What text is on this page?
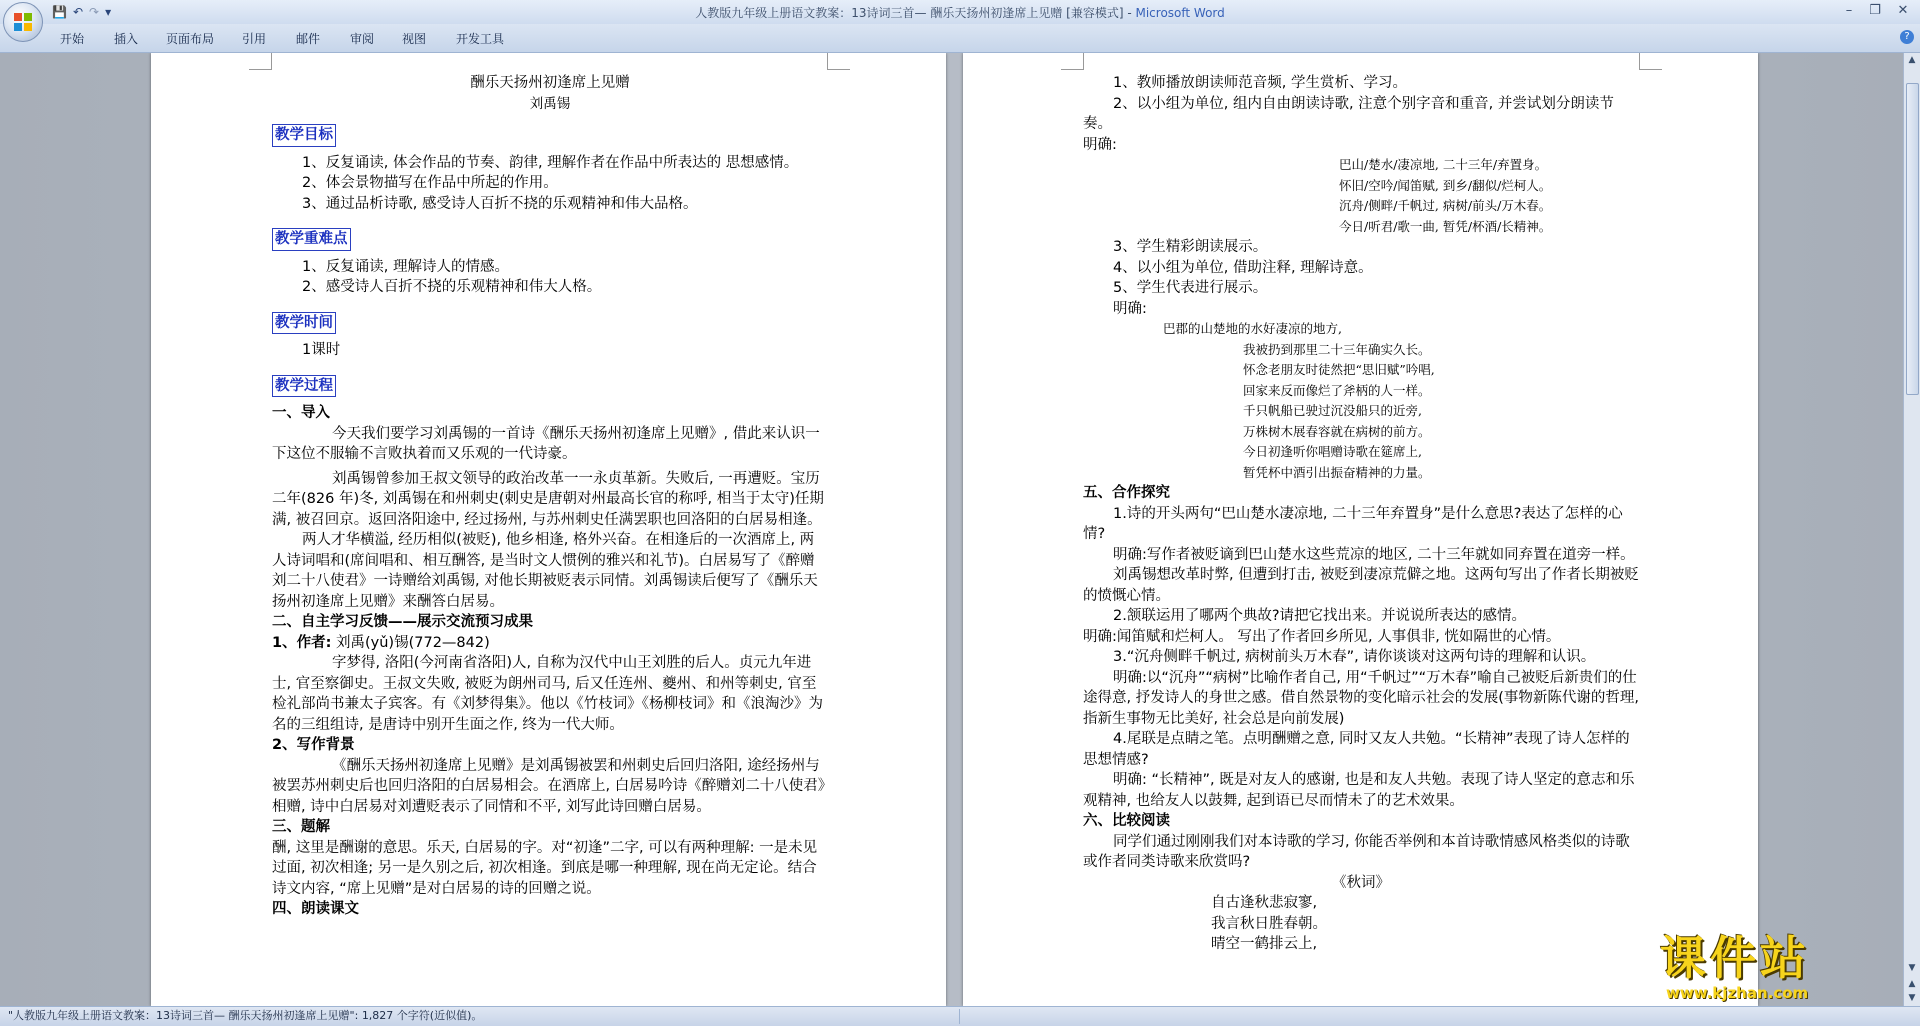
💾 ↶ ↷ ▾	人教版九年级上册语文教案：13诗词三首— 酬乐天扬州初逢席上见赠 [兼容模式] - Microsoft Word	–	❐	✕
开始 插入 页面布局 引用 邮件 审阅 视图 开发工具	?

酬乐天扬州初逢席上见赠

刘禹锡

教学目标

1、反复诵读, 体会作品的节奏、韵律, 理解作者在作品中所表达的 思想感情。

2、体会景物描写在作品中所起的作用。

3、通过品析诗歌, 感受诗人百折不挠的乐观精神和伟大品格。

教学重难点

1、反复诵读, 理解诗人的情感。

2、感受诗人百折不挠的乐观精神和伟大人格。

教学时间

1课时

教学过程

一、导入

今天我们要学习刘禹锡的一首诗《酬乐天扬州初逢席上见赠》, 借此来认识一下这位不服输不言败执着而又乐观的一代诗豪。

刘禹锡曾参加王叔文领导的政治改革一一永贞革新。失败后, 一再遭贬。宝历二年(826 年)冬, 刘禹锡在和州刺史(刺史是唐朝对州最高长官的称呼, 相当于太守)任期满, 被召回京。返回洛阳途中, 经过扬州, 与苏州刺史任满罢职也回洛阳的白居易相逢。

两人才华横溢, 经历相似(被贬), 他乡相逢, 格外兴奋。在相逢后的一次酒席上, 两人诗词唱和(席间唱和、相互酬答, 是当时文人惯例的雅兴和礼节)。白居易写了《醉赠刘二十八使君》一诗赠给刘禹锡, 对他长期被贬表示同情。刘禹锡读后便写了《酬乐天扬州初逢席上见赠》来酬答白居易。

二、自主学习反馈——展示交流预习成果

1、作者: 刘禹(yǔ)锡(772—842)

字梦得, 洛阳(今河南省洛阳)人, 自称为汉代中山王刘胜的后人。贞元九年进士, 官至察御史。王叔文失败, 被贬为朗州司马, 后又任连州、夔州、和州等刺史, 官至检礼部尚书兼太子宾客。有《刘梦得集》。他以《竹枝词》《杨柳枝词》和《浪淘沙》为名的三组组诗, 是唐诗中别开生面之作, 终为一代大师。

2、写作背景

《酬乐天扬州初逢席上见赠》是刘禹锡被罢和州刺史后回归洛阳, 途经扬州与被罢苏州刺史后也回归洛阳的白居易相会。在酒席上, 白居易吟诗《醉赠刘二十八使君》相赠, 诗中白居易对刘遭贬表示了同情和不平, 刘写此诗回赠白居易。

三、题解

酬, 这里是酬谢的意思。乐天, 白居易的字。对“初逢”二字, 可以有两种理解: 一是未见过面, 初次相逢; 另一是久别之后, 初次相逢。到底是哪一种理解, 现在尚无定论。结合诗文内容, “席上见赠”是对白居易的诗的回赠之说。

四、朗读课文

1、教师播放朗读师范音频, 学生赏析、学习。

2、以小组为单位, 组内自由朗读诗歌, 注意个别字音和重音, 并尝试划分朗读节奏。

明确:

巴山/楚水/凄凉地, 二十三年/弃置身。

怀旧/空吟/闻笛赋, 到乡/翻似/烂柯人。

沉舟/侧畔/千帆过, 病树/前头/万木春。

今日/听君/歌一曲, 暂凭/杯酒/长精神。

3、学生精彩朗读展示。

4、以小组为单位, 借助注释, 理解诗意。

5、学生代表进行展示。

明确:

巴郡的山楚地的水好凄凉的地方,

我被扔到那里二十三年确实久长。

怀念老朋友时徒然把“思旧赋”吟唱,

回家来反而像烂了斧柄的人一样。

千只帆船已驶过沉没船只的近旁,

万株树木展春容就在病树的前方。

今日初逢听你唱赠诗歌在筵席上,

暂凭杯中酒引出振奋精神的力量。

五、合作探究

1.诗的开头两句“巴山楚水凄凉地, 二十三年弃置身”是什么意思?表达了怎样的心情?

明确:写作者被贬谪到巴山楚水这些荒凉的地区, 二十三年就如同弃置在道旁一样。

刘禹锡想改革时弊, 但遭到打击, 被贬到凄凉荒僻之地。这两句写出了作者长期被贬的愤慨心情。

2.颔联运用了哪两个典故?请把它找出来。并说说所表达的感情。

明确:闻笛赋和烂柯人。 写出了作者回乡所见, 人事俱非, 恍如隔世的心情。

3.“沉舟侧畔千帆过, 病树前头万木春”, 请你谈谈对这两句诗的理解和认识。

明确:以“沉舟”“病树”比喻作者自己, 用“千帆过”“万木春”喻自己被贬后新贵们的仕途得意, 抒发诗人的身世之感。借自然景物的变化暗示社会的发展(事物新陈代谢的哲理, 指新生事物无比美好, 社会总是向前发展)

4.尾联是点睛之笔。点明酬赠之意, 同时又友人共勉。“长精神”表现了诗人怎样的思想情感?

明确: “长精神”, 既是对友人的感谢, 也是和友人共勉。表现了诗人坚定的意志和乐观精神, 也给友人以鼓舞, 起到语已尽而情未了的艺术效果。

六、比较阅读

同学们通过刚刚我们对本诗歌的学习, 你能否举例和本首诗歌情感风格类似的诗歌或作者同类诗歌来欣赏吗?

《秋词》

自古逢秋悲寂寥,

我言秋日胜春朝。

晴空一鹤排云上,

▲
▼
▲
▼
"人教版九年级上册语文教案：13诗词三首— 酬乐天扬州初逢席上见赠": 1,827 个字符(近似值)。
课件站
www.kjzhan.com
